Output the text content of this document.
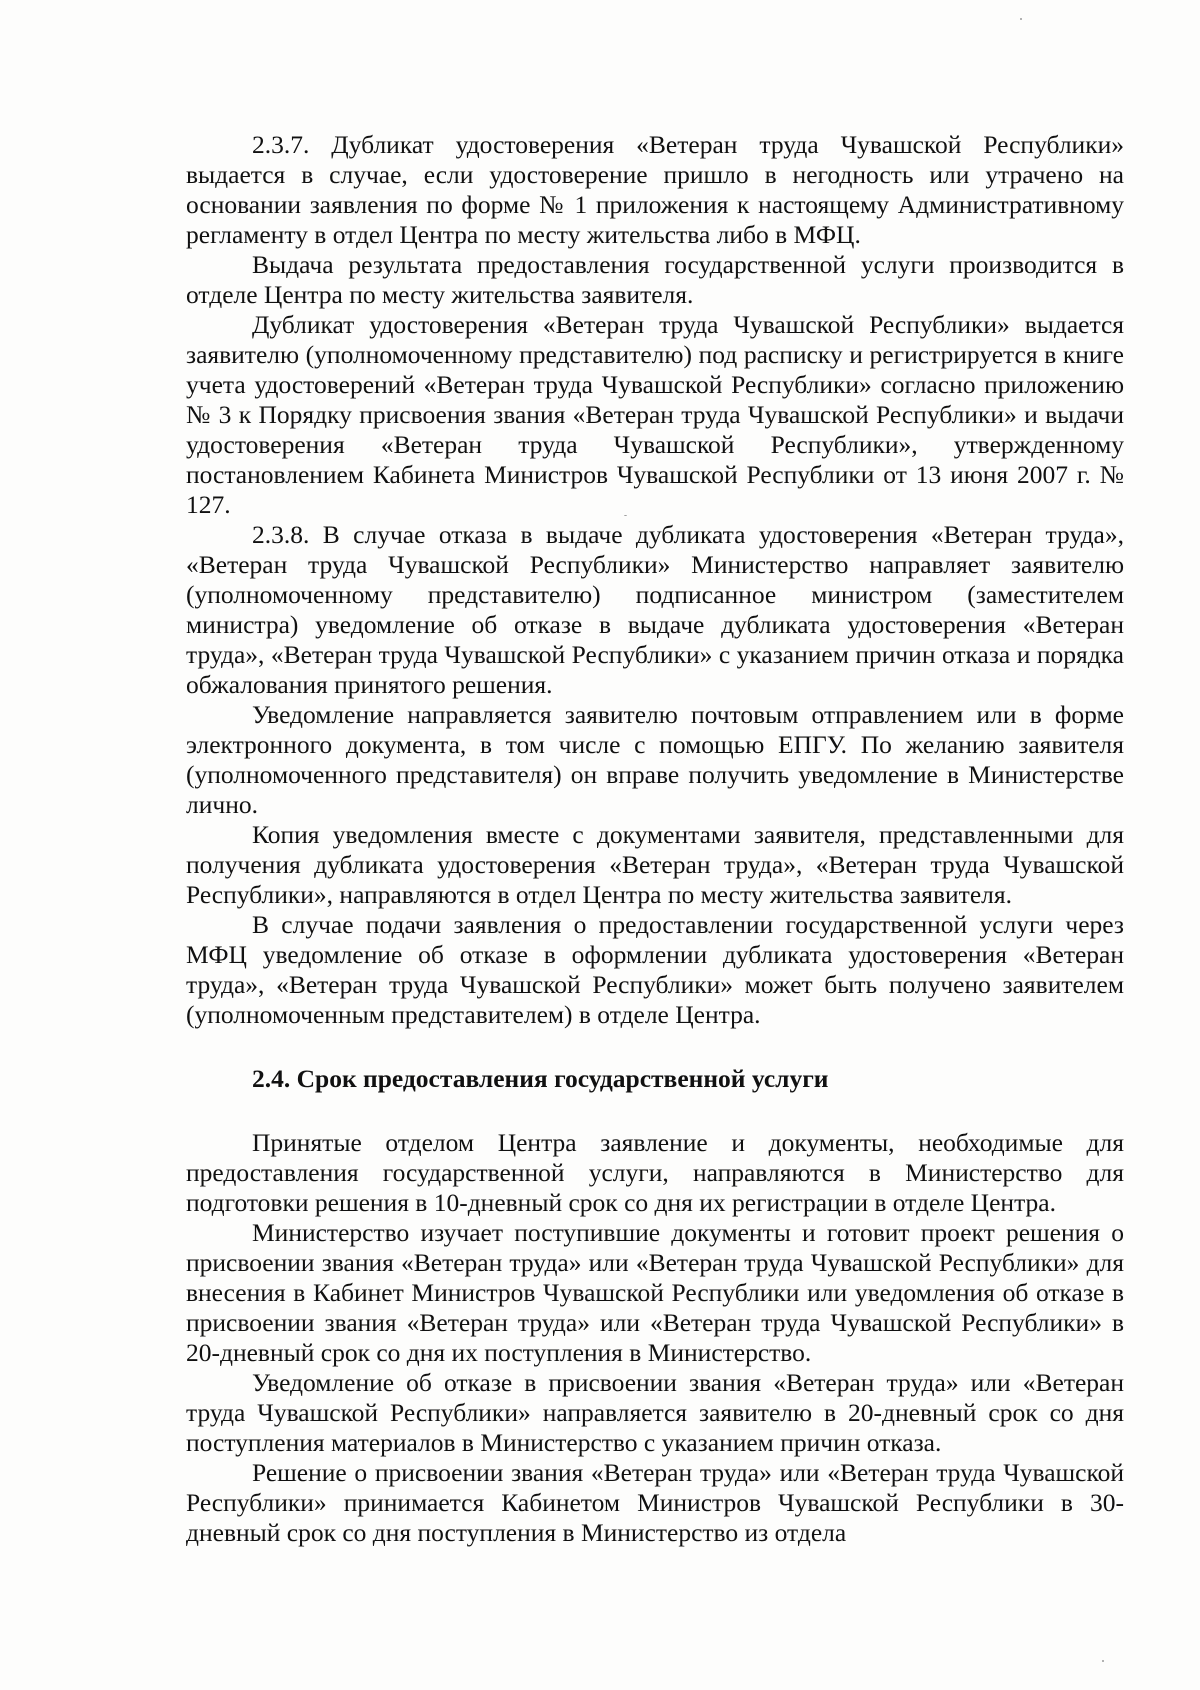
2.3.7. Дубликат удостоверения «Ветеран труда Чувашской Республики» выдается в случае, если удостоверение пришло в негодность или утрачено на основании заявления по форме № 1 приложения к настоящему Административному регламенту в отдел Центра по месту жительства либо в МФЦ.

Выдача результата предоставления государственной услуги производится в отделе Центра по месту жительства заявителя.

Дубликат удостоверения «Ветеран труда Чувашской Республики» выдается заявителю (уполномоченному представителю) под расписку и регистрируется в книге учета удостоверений «Ветеран труда Чувашской Республики» согласно приложению № 3 к Порядку присвоения звания «Ветеран труда Чувашской Республики» и выдачи удостоверения «Ветеран труда Чувашской Республики», утвержденному постановлением Кабинета Министров Чувашской Республики от 13 июня 2007 г. № 127.

2.3.8. В случае отказа в выдаче дубликата удостоверения «Ветеран труда», «Ветеран труда Чувашской Республики» Министерство направляет заявителю (уполномоченному представителю) подписанное министром (заместителем министра) уведомление об отказе в выдаче дубликата удостоверения «Ветеран труда», «Ветеран труда Чувашской Республики» с указанием причин отказа и порядка обжалования принятого решения.

Уведомление направляется заявителю почтовым отправлением или в форме электронного документа, в том числе с помощью ЕПГУ. По желанию заявителя (уполномоченного представителя) он вправе получить уведомление в Министерстве лично.

Копия уведомления вместе с документами заявителя, представленными для получения дубликата удостоверения «Ветеран труда», «Ветеран труда Чувашской Республики», направляются в отдел Центра по месту жительства заявителя.

В случае подачи заявления о предоставлении государственной услуги через МФЦ уведомление об отказе в оформлении дубликата удостоверения «Ветеран труда», «Ветеран труда Чувашской Республики» может быть получено заявителем (уполномоченным представителем) в отделе Центра.

2.4. Срок предоставления государственной услуги

Принятые отделом Центра заявление и документы, необходимые для предоставления государственной услуги, направляются в Министерство для подготовки решения в 10-дневный срок со дня их регистрации в отделе Центра.

Министерство изучает поступившие документы и готовит проект решения о присвоении звания «Ветеран труда» или «Ветеран труда Чувашской Республики» для внесения в Кабинет Министров Чувашской Республики или уведомления об отказе в присвоении звания «Ветеран труда» или «Ветеран труда Чувашской Республики» в 20-дневный срок со дня их поступления в Министерство.

Уведомление об отказе в присвоении звания «Ветеран труда» или «Ветеран труда Чувашской Республики» направляется заявителю в 20-дневный срок со дня поступления материалов в Министерство с указанием причин отказа.

Решение о присвоении звания «Ветеран труда» или «Ветеран труда Чувашской Республики» принимается Кабинетом Министров Чувашской Республики в 30-дневный срок со дня поступления в Министерство из отдела
